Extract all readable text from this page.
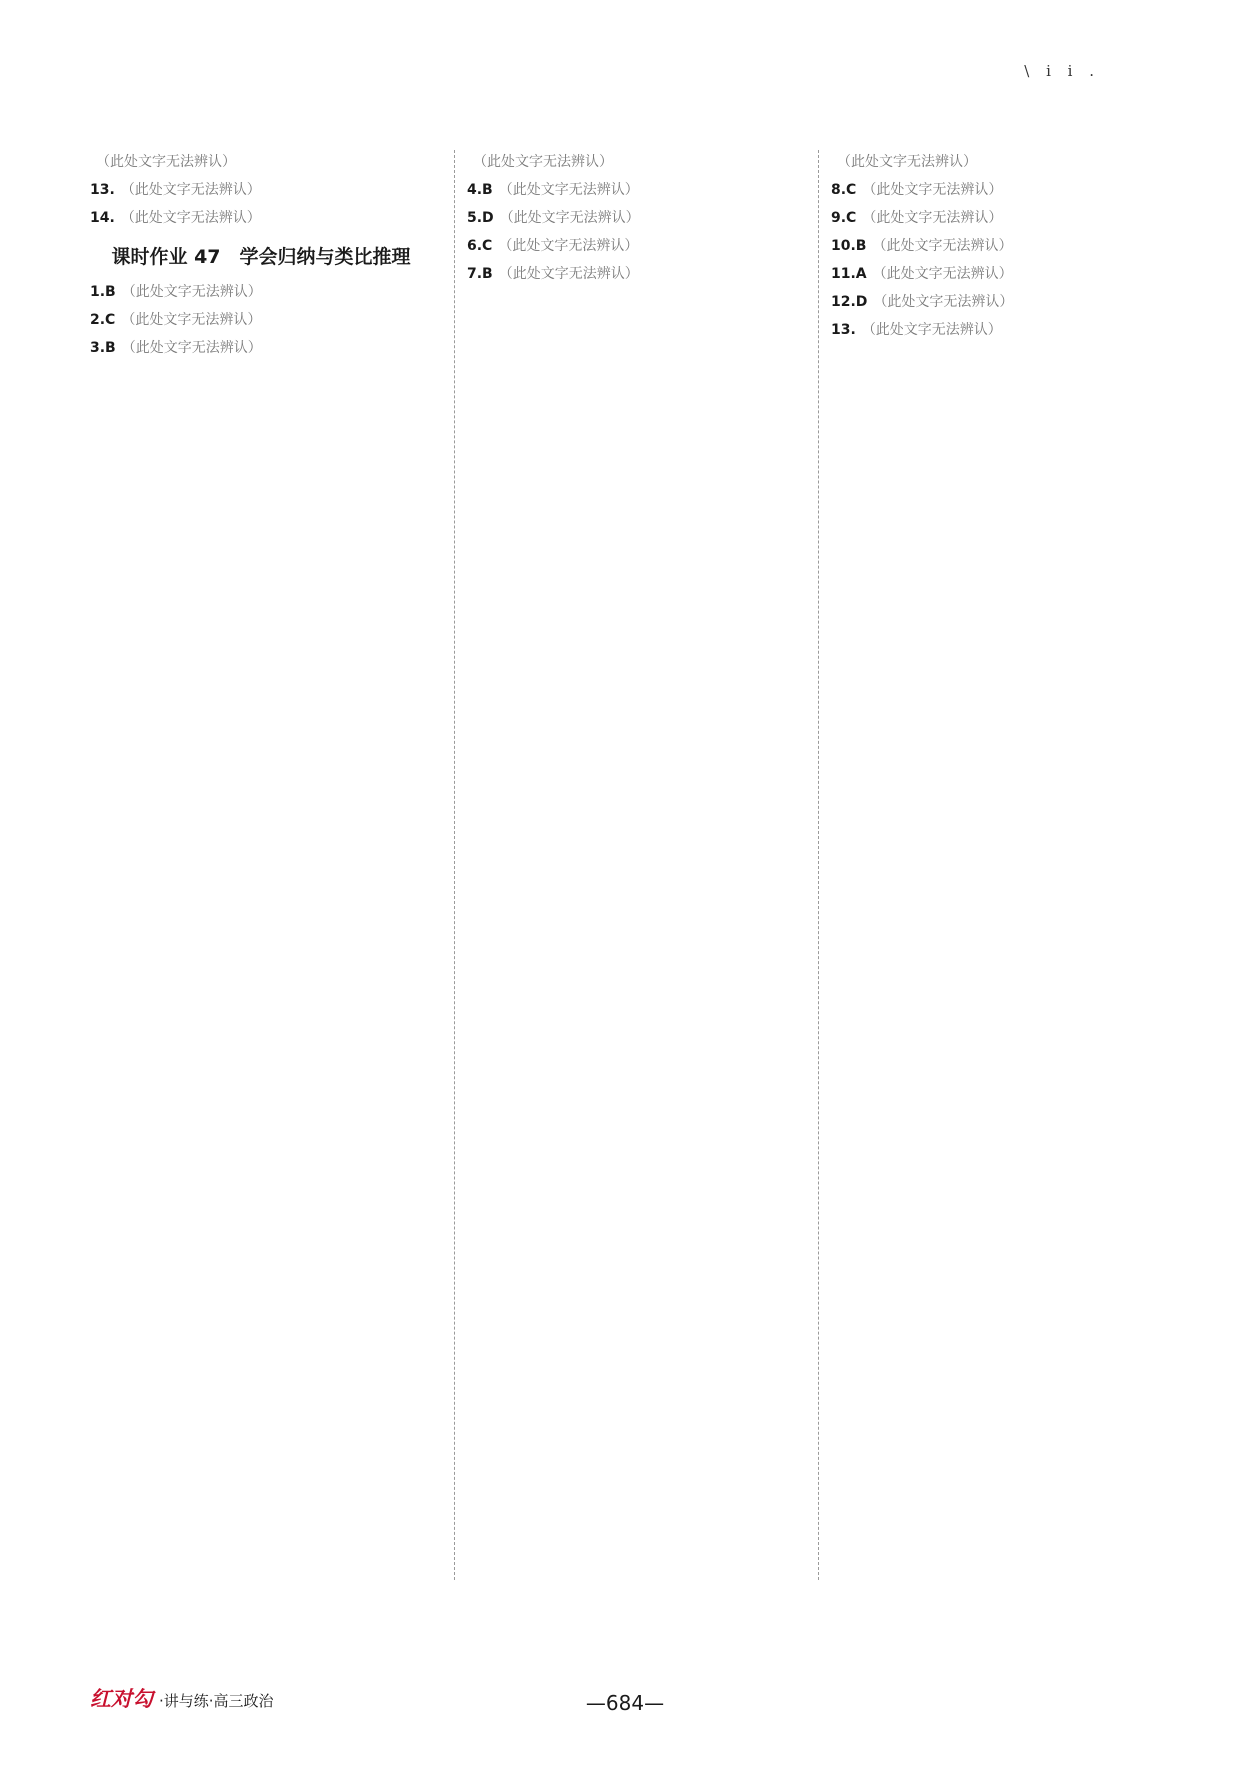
\ i i .
（此处文字无法辨认）
13. （此处文字无法辨认）
14. （此处文字无法辨认）
课时作业 47　学会归纳与类比推理
1.B （此处文字无法辨认）
2.C （此处文字无法辨认）
3.B （此处文字无法辨认）
（此处文字无法辨认）
4.B （此处文字无法辨认）
5.D （此处文字无法辨认）
6.C （此处文字无法辨认）
7.B （此处文字无法辨认）
（此处文字无法辨认）
8.C （此处文字无法辨认）
9.C （此处文字无法辨认）
10.B （此处文字无法辨认）
11.A （此处文字无法辨认）
12.D （此处文字无法辨认）
13. （此处文字无法辨认）
红对勾 ·讲与练·高三政治	—684—
